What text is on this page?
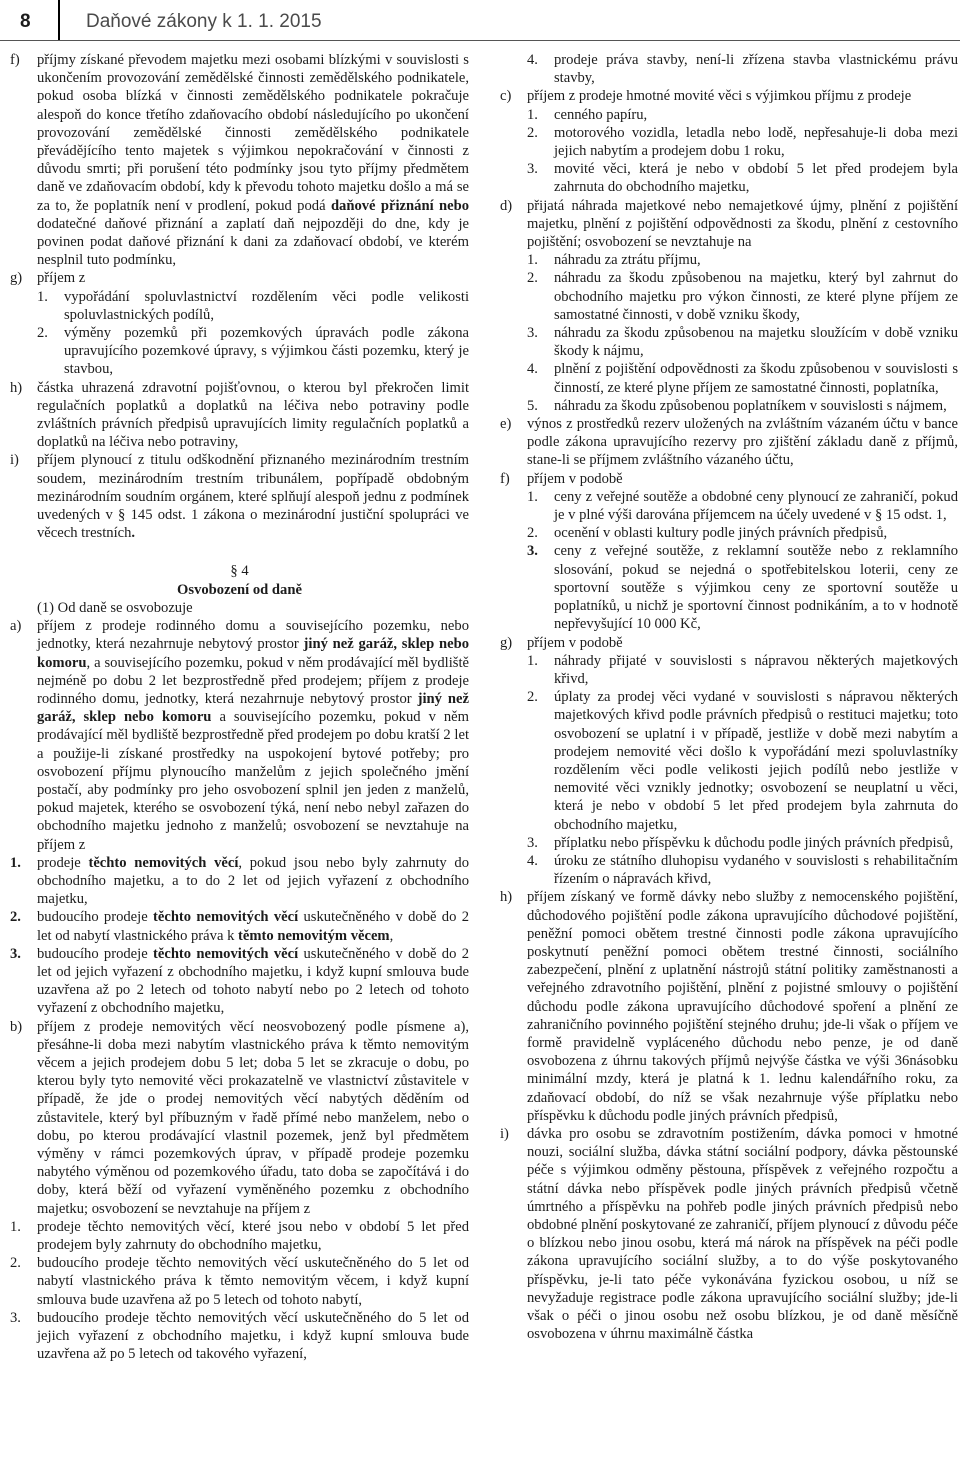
8	Daňové zákony k 1. 1. 2015
f) příjmy získané převodem majetku mezi osobami blízkými v souvislosti s ukončením provozování zemědělské činnosti zemědělského podnikatele, pokud osoba blízká v činnosti zemědělského podnikatele pokračuje alespoň do konce třetího zdaňovacího období následujícího po ukončení provozování zemědělské činnosti zemědělského podnikatele převádějícího tento majetek s výjimkou nepokračování v činnosti z důvodu smrti; při porušení této podmínky jsou tyto příjmy předmětem daně ve zdaňovacím období, kdy k převodu tohoto majetku došlo a má se za to, že poplatník není v prodlení, pokud podá daňové přiznání nebo dodatečné daňové přiznání a zaplatí daň nejpozději do dne, kdy je povinen podat daňové přiznání k dani za zdaňovací období, ve kterém nesplnil tuto podmínku,
g) příjem z
1. vypořádání spoluvlastnictví rozdělením věci podle velikosti spoluvlastnických podílů,
2. výměny pozemků při pozemkových úpravách podle zákona upravujícího pozemkové úpravy, s výjimkou části pozemku, který je stavbou,
h) částka uhrazená zdravotní pojišťovnou, o kterou byl překročen limit regulačních poplatků a doplatků na léčiva nebo potraviny podle zvláštních právních předpisů upravujících limity regulačních poplatků a doplatků na léčiva nebo potraviny,
i) příjem plynoucí z titulu odškodnění přiznaného mezinárodním trestním soudem, mezinárodním trestním tribunálem, popřípadě obdobným mezinárodním soudním orgánem, které splňují alespoň jednu z podmínek uvedených v § 145 odst. 1 zákona o mezinárodní justiční spolupráci ve věcech trestních.
§ 4
Osvobození od daně
(1) Od daně se osvobozuje
a) příjem z prodeje rodinného domu a souvisejícího pozemku, nebo jednotky, která nezahrnuje nebytový prostor jiný než garáž, sklep nebo komoru, a souvisejícího pozemku, pokud v něm prodávající měl bydliště nejméně po dobu 2 let bezprostředně před prodejem; příjem z prodeje rodinného domu, jednotky, která nezahrnuje nebytový prostor jiný než garáž, sklep nebo komoru a souvisejícího pozemku, pokud v něm prodávající měl bydliště bezprostředně před prodejem po dobu kratší 2 let a použije-li získané prostředky na uspokojení bytové potřeby; pro osvobození příjmu plynoucího manželům z jejich společného jmění postačí, aby podmínky pro jeho osvobození splnil jen jeden z manželů, pokud majetek, kterého se osvobození týká, není nebo nebyl zařazen do obchodního majetku jednoho z manželů; osvobození se nevztahuje na příjem z
1. prodeje těchto nemovitých věcí, pokud jsou nebo byly zahrnuty do obchodního majetku, a to do 2 let od jejich vyřazení z obchodního majetku,
2. budoucího prodeje těchto nemovitých věcí uskutečněného v době do 2 let od nabytí vlastnického práva k těmto nemovitým věcem,
3. budoucího prodeje těchto nemovitých věcí uskutečněného v době do 2 let od jejich vyřazení z obchodního majetku, i když kupní smlouva bude uzavřena až po 2 letech od tohoto nabytí nebo po 2 letech od tohoto vyřazení z obchodního majetku,
b) příjem z prodeje nemovitých věcí neosvobozený podle písmene a), přesáhne-li doba mezi nabytím vlastnického práva k těmto nemovitým věcem a jejich prodejem dobu 5 let; doba 5 let se zkracuje o dobu, po kterou byly tyto nemovité věci prokazatelně ve vlastnictví zůstavitele v případě, že jde o prodej nemovitých věcí nabytých děděním od zůstavitele, který byl příbuzným v řadě přímé nebo manželem, nebo o dobu, po kterou prodávající vlastnil pozemek, jenž byl předmětem výměny v rámci pozemkových úprav, v případě prodeje pozemku nabytého výměnou od pozemkového úřadu, tato doba se započítává i do doby, která běží od vyřazení vyměněného pozemku z obchodního majetku; osvobození se nevztahuje na příjem z
1. prodeje těchto nemovitých věcí, které jsou nebo v období 5 let před prodejem byly zahrnuty do obchodního majetku,
2. budoucího prodeje těchto nemovitých věcí uskutečněného do 5 let od nabytí vlastnického práva k těmto nemovitým věcem, i když kupní smlouva bude uzavřena až po 5 letech od tohoto nabytí,
3. budoucího prodeje těchto nemovitých věcí uskutečněného do 5 let od jejich vyřazení z obchodního majetku, i když kupní smlouva bude uzavřena až po 5 letech od takového vyřazení,
4. prodeje práva stavby, není-li zřízena stavba vlastnickému právu stavby,
c) příjem z prodeje hmotné movité věci s výjimkou příjmu z prodeje
1. cenného papíru,
2. motorového vozidla, letadla nebo lodě, nepřesahuje-li doba mezi jejich nabytím a prodejem dobu 1 roku,
3. movité věci, která je nebo v období 5 let před prodejem byla zahrnuta do obchodního majetku,
d) přijatá náhrada majetkové nebo nemajetkové újmy, plnění z pojištění majetku, plnění z pojištění odpovědnosti za škodu, plnění z cestovního pojištění; osvobození se nevztahuje na
1. náhradu za ztrátu příjmu,
2. náhradu za škodu způsobenou na majetku, který byl zahrnut do obchodního majetku pro výkon činnosti, ze které plyne příjem ze samostatné činnosti, v době vzniku škody,
3. náhradu za škodu způsobenou na majetku sloužícím v době vzniku škody k nájmu,
4. plnění z pojištění odpovědnosti za škodu způsobenou v souvislosti s činností, ze které plyne příjem ze samostatné činnosti, poplatníka,
5. náhradu za škodu způsobenou poplatníkem v souvislosti s nájmem,
e) výnos z prostředků rezerv uložených na zvláštním vázaném účtu v bance podle zákona upravujícího rezervy pro zjištění základu daně z příjmů, stane-li se příjmem zvláštního vázaného účtu,
f) příjem v podobě
1. ceny z veřejné soutěže a obdobné ceny plynoucí ze zahraničí, pokud je v plné výši darována příjemcem na účely uvedené v § 15 odst. 1,
2. ocenění v oblasti kultury podle jiných právních předpisů,
3. ceny z veřejné soutěže, z reklamní soutěže nebo z reklamního slosování, pokud se nejedná o spotřebitelskou loterii, ceny ze sportovní soutěže s výjimkou ceny ze sportovní soutěže u poplatníků, u nichž je sportovní činnost podnikáním, a to v hodnotě nepřevyšující 10 000 Kč,
g) příjem v podobě
1. náhrady přijaté v souvislosti s nápravou některých majetkových křivd,
2. úplaty za prodej věci vydané v souvislosti s nápravou některých majetkových křivd podle právních předpisů o restituci majetku; toto osvobození se uplatní i v případě, jestliže v době mezi nabytím a prodejem nemovité věci došlo k vypořádání mezi spoluvlastníky rozdělením věci podle velikosti jejich podílů nebo jestliže v nemovité věci vznikly jednotky; osvobození se neuplatní u věci, která je nebo v období 5 let před prodejem byla zahrnuta do obchodního majetku,
3. příplatku nebo příspěvku k důchodu podle jiných právních předpisů,
4. úroku ze státního dluhopisu vydaného v souvislosti s rehabilitačním řízením o nápravách křivd,
h) příjem získaný ve formě dávky nebo služby z nemocenského pojištění, důchodového pojištění podle zákona upravujícího důchodové pojištění, peněžní pomoci obětem trestné činnosti podle zákona upravujícího poskytnutí peněžní pomoci obětem trestné činnosti, sociálního zabezpečení, plnění z uplatnění nástrojů státní politiky zaměstnanosti a veřejného zdravotního pojištění, plnění z pojistné smlouvy o pojištění důchodu podle zákona upravujícího důchodové spoření a plnění ze zahraničního povinného pojištění stejného druhu; jde-li však o příjem ve formě pravidelně vypláceného důchodu nebo penze, je od daně osvobozena z úhrnu takových příjmů nejvýše částka ve výši 36násobku minimální mzdy, která je platná k 1. lednu kalendářního roku, za zdaňovací období, do níž se však nezahrnuje výše příplatku nebo příspěvku k důchodu podle jiných právních předpisů,
i) dávka pro osobu se zdravotním postižením, dávka pomoci v hmotné nouzi, sociální služba, dávka státní sociální podpory, dávka pěstounské péče s výjimkou odměny pěstouna, příspěvek z veřejného rozpočtu a státní dávka nebo příspěvek podle jiných právních předpisů včetně úmrtného a příspěvku na pohřeb podle jiných právních předpisů nebo obdobné plnění poskytované ze zahraničí, příjem plynoucí z důvodu péče o blízkou nebo jinou osobu, která má nárok na příspěvek na péči podle zákona upravujícího sociální služby, a to do výše poskytovaného příspěvku, je-li tato péče vykonávána fyzickou osobou, u níž se nevyžaduje registrace podle zákona upravujícího sociální služby; jde-li však o péči o jinou osobu než osobu blízkou, je od daně měsíčně osvobozena v úhrnu maximálně částka
